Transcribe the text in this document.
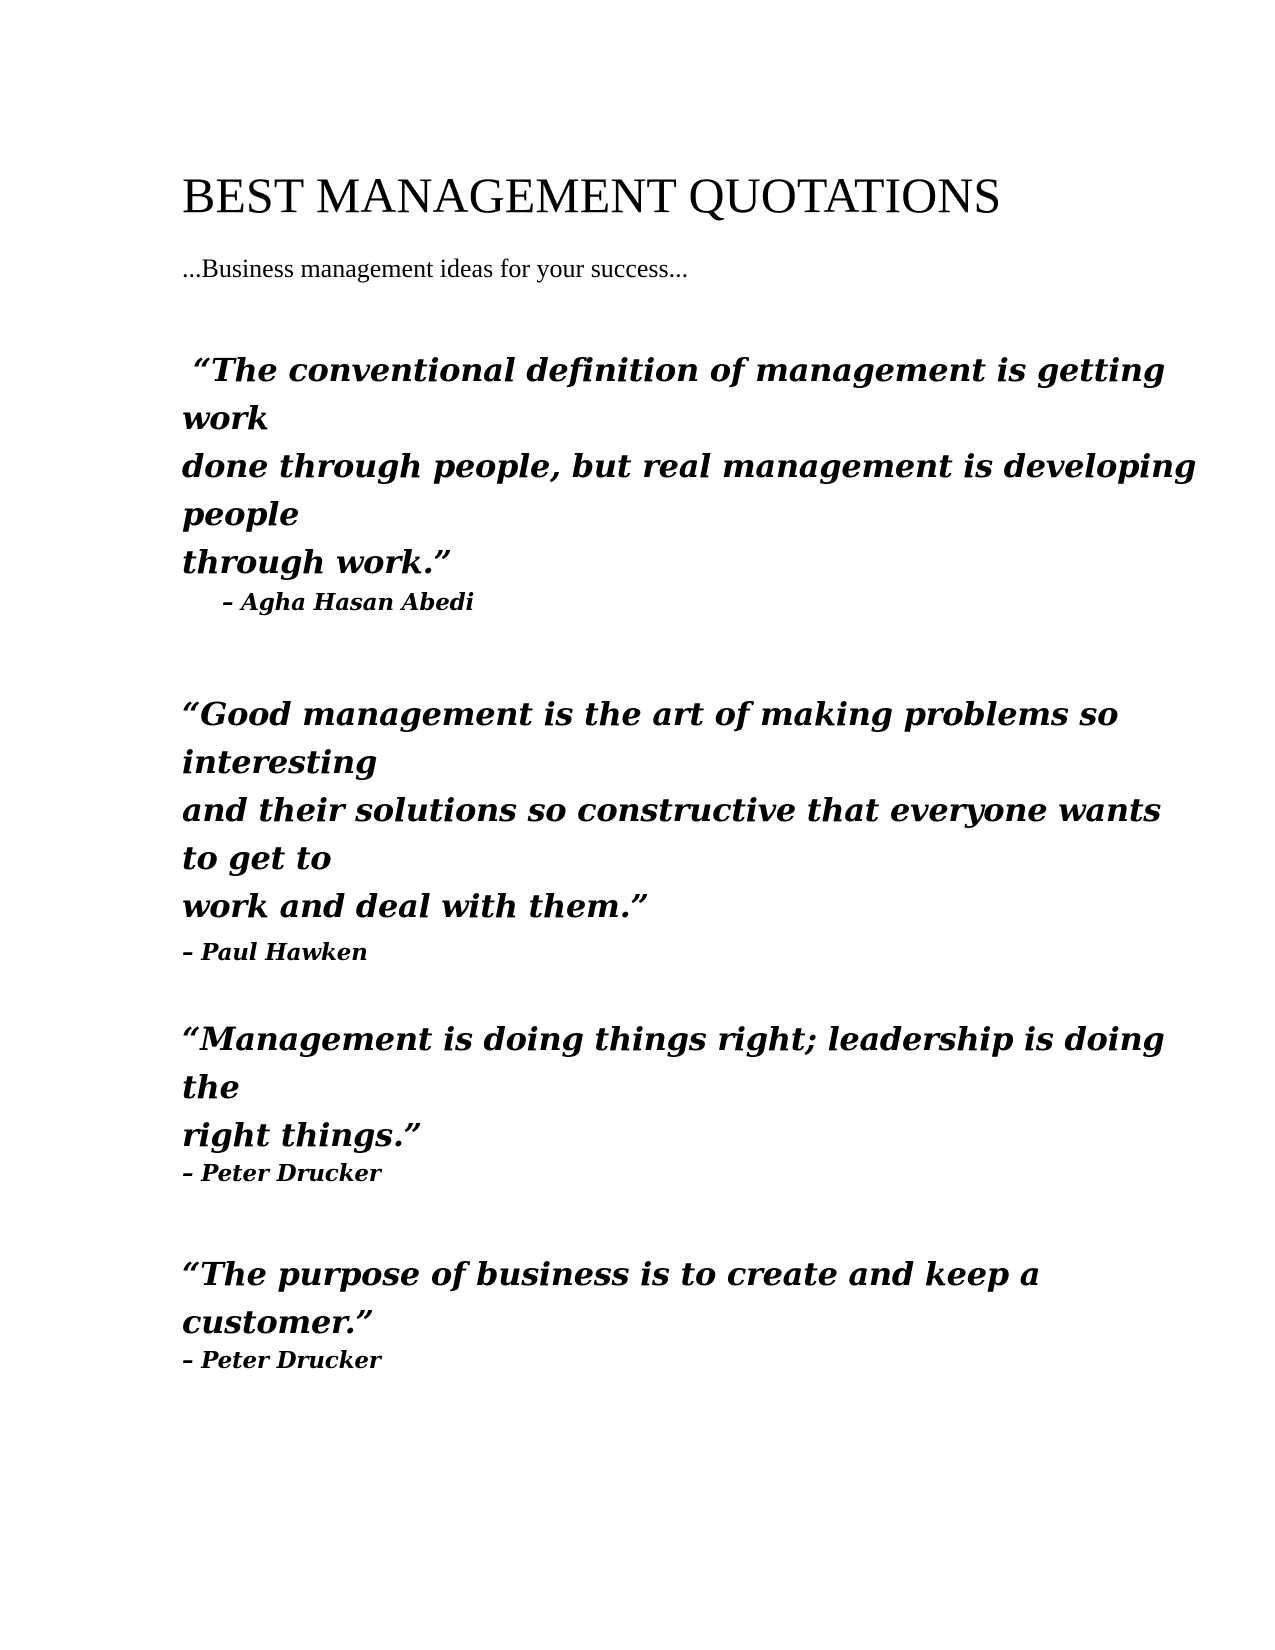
BEST MANAGEMENT QUOTATIONS

...Business management ideas for your success...

“The conventional definition of management is getting
work
done through people, but real management is developing
people
through work.”
– Agha Hasan Abedi
“Good management is the art of making problems so
interesting
and their solutions so constructive that everyone wants
to get to
work and deal with them.”
– Paul Hawken
“Management is doing things right; leadership is doing
the
right things.”
– Peter Drucker
“The purpose of business is to create and keep a
customer.”
– Peter Drucker
